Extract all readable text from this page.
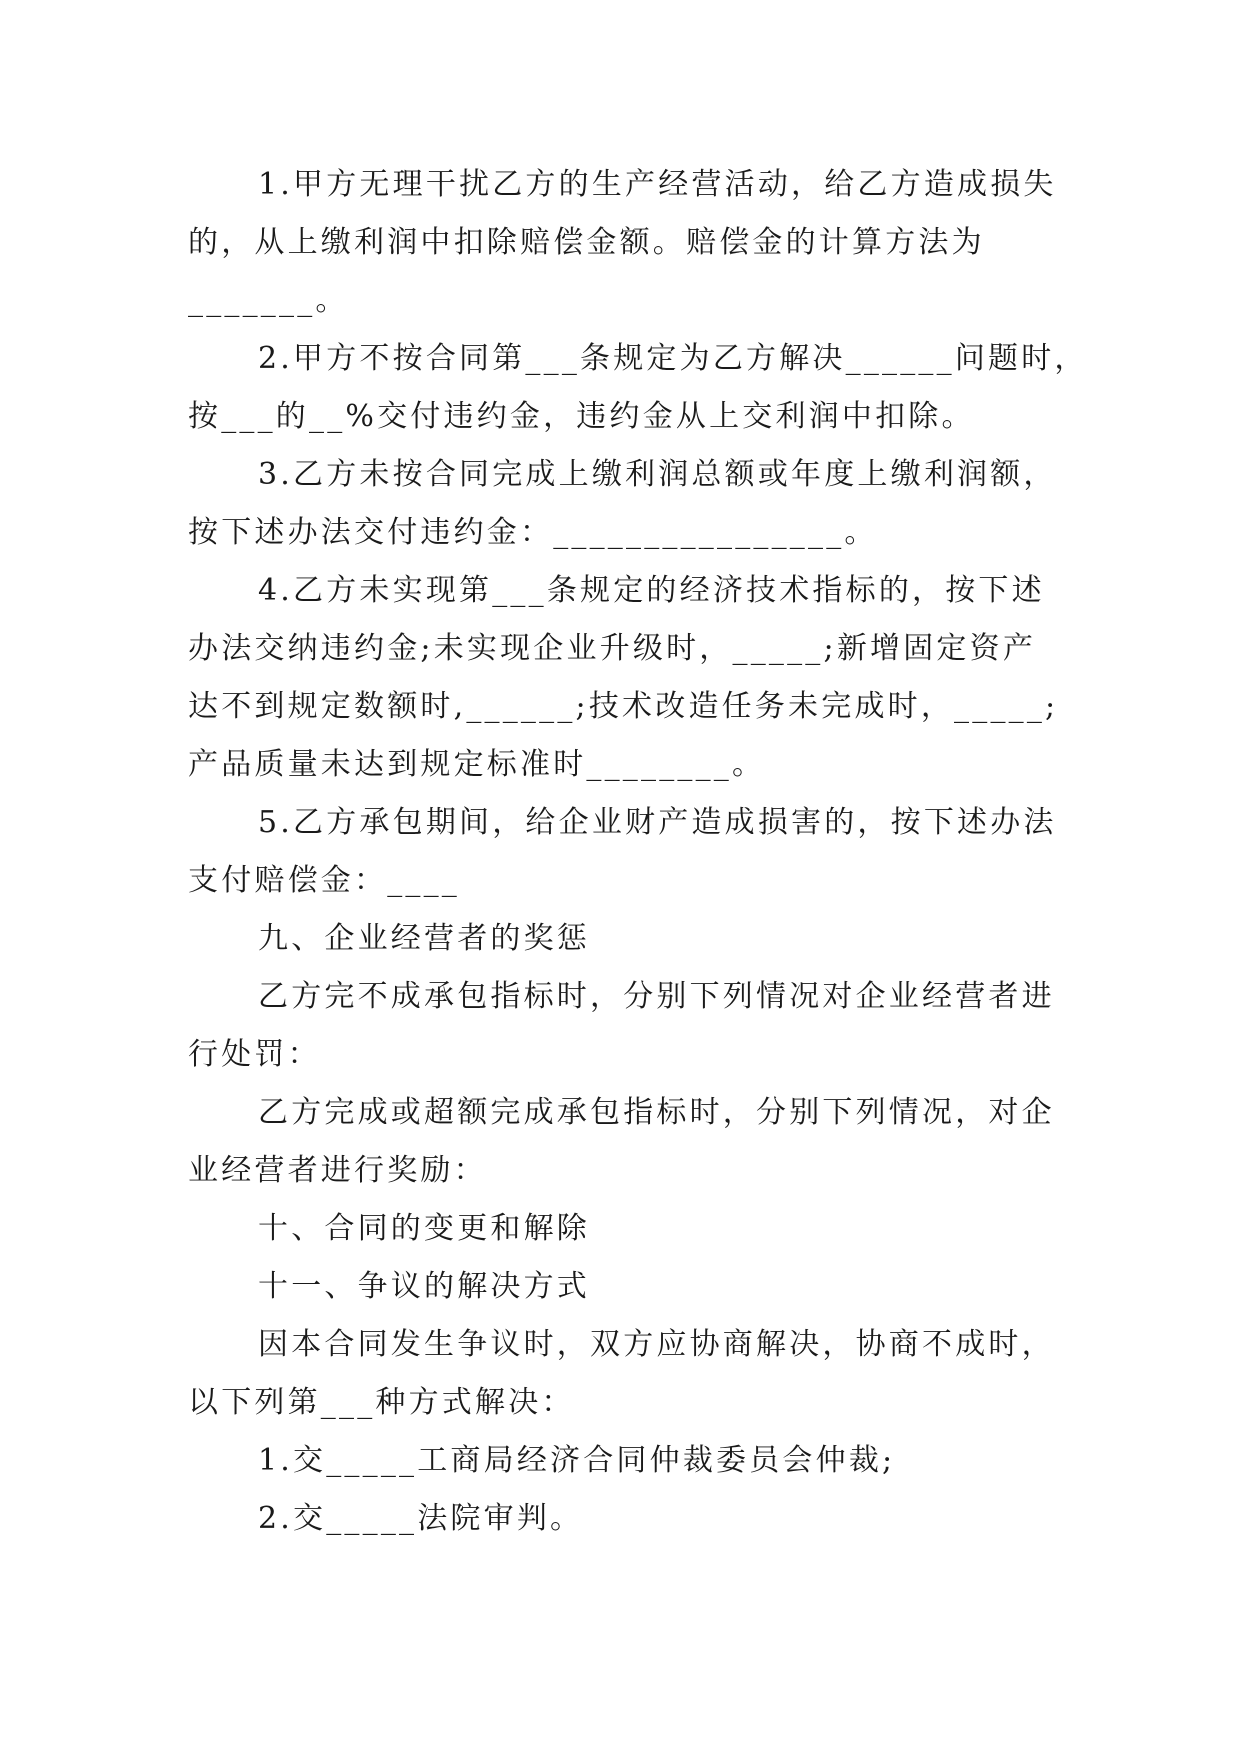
1.甲方无理干扰乙方的生产经营活动，给乙方造成损失
的，从上缴利润中扣除赔偿金额。赔偿金的计算方法为
_______。
2.甲方不按合同第___条规定为乙方解决______问题时，
按___的__%交付违约金，违约金从上交利润中扣除。
3.乙方未按合同完成上缴利润总额或年度上缴利润额，
按下述办法交付违约金：________________。
4.乙方未实现第___条规定的经济技术指标的，按下述
办法交纳违约金;未实现企业升级时，_____;新增固定资产
达不到规定数额时,______;技术改造任务未完成时，_____;
产品质量未达到规定标准时________。
5.乙方承包期间，给企业财产造成损害的，按下述办法
支付赔偿金：____
九、企业经营者的奖惩
乙方完不成承包指标时，分别下列情况对企业经营者进
行处罚：
乙方完成或超额完成承包指标时，分别下列情况，对企
业经营者进行奖励：
十、合同的变更和解除
十一、争议的解决方式
因本合同发生争议时，双方应协商解决，协商不成时，
以下列第___种方式解决：
1.交_____工商局经济合同仲裁委员会仲裁;
2.交_____法院审判。
